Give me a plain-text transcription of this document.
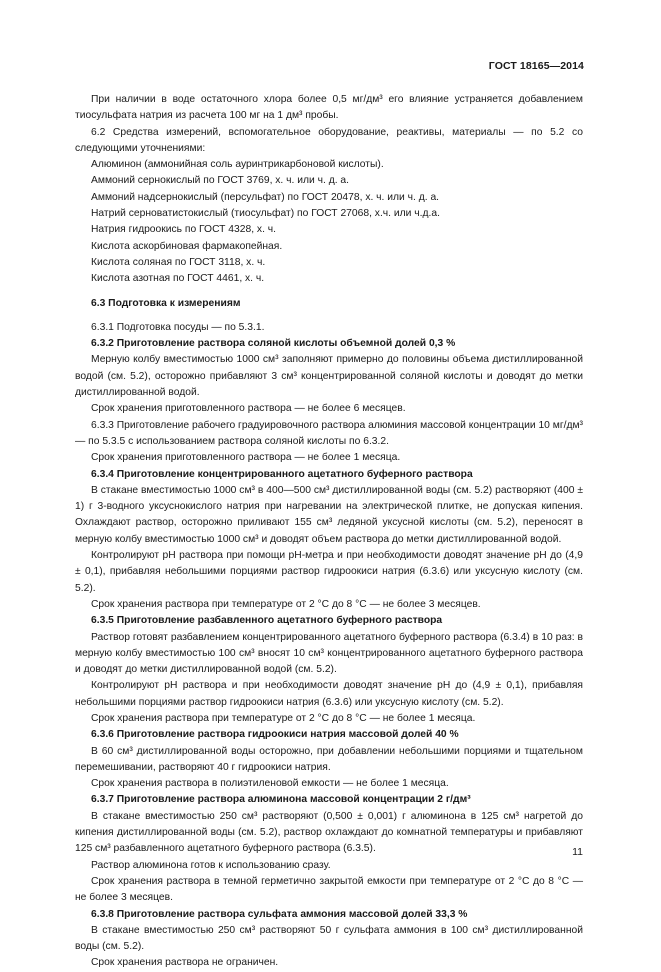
ГОСТ 18165—2014

При наличии в воде остаточного хлора более 0,5 мг/дм³ его влияние устраняется добавлением тиосульфата натрия из расчета 100 мг на 1 дм³ пробы.

6.2 Средства измерений, вспомогательное оборудование, реактивы, материалы — по 5.2 со следующими уточнениями:

Алюминон (аммонийная соль ауринтрикарбоновой кислоты).

Аммоний сернокислый по ГОСТ 3769, х. ч. или ч. д. а.

Аммоний надсернокислый (персульфат) по ГОСТ 20478, х. ч. или ч. д. а.

Натрий серноватистокислый (тиосульфат) по ГОСТ 27068, х.ч. или ч.д.а.

Натрия гидроокись по ГОСТ 4328, х. ч.

Кислота аскорбиновая фармакопейная.

Кислота соляная по ГОСТ 3118, х. ч.

Кислота азотная по ГОСТ 4461, х. ч.

6.3 Подготовка к измерениям

6.3.1 Подготовка посуды — по 5.3.1.

6.3.2 Приготовление раствора соляной кислоты объемной долей 0,3 %

Мерную колбу вместимостью 1000 см³ заполняют примерно до половины объема дистиллированной водой (см. 5.2), осторожно прибавляют 3 см³ концентрированной соляной кислоты и доводят до метки дистиллированной водой.

Срок хранения приготовленного раствора — не более 6 месяцев.

6.3.3 Приготовление рабочего градуировочного раствора алюминия массовой концентрации 10 мг/дм³ — по 5.3.5 с использованием раствора соляной кислоты по 6.3.2.

Срок хранения приготовленного раствора — не более 1 месяца.

6.3.4 Приготовление концентрированного ацетатного буферного раствора

В стакане вместимостью 1000 см³ в 400—500 см³ дистиллированной воды (см. 5.2) растворяют (400 ± 1) г 3-водного уксуснокислого натрия при нагревании на электрической плитке, не допуская кипения. Охлаждают раствор, осторожно приливают 155 см³ ледяной уксусной кислоты (см. 5.2), переносят в мерную колбу вместимостью 1000 см³ и доводят объем раствора до метки дистиллированной водой.

Контролируют pH раствора при помощи pH-метра и при необходимости доводят значение pH до (4,9 ± 0,1), прибавляя небольшими порциями раствор гидроокиси натрия (6.3.6) или уксусную кислоту (см. 5.2).

Срок хранения раствора при температуре от 2 °С до 8 °С — не более 3 месяцев.

6.3.5 Приготовление разбавленного ацетатного буферного раствора

Раствор готовят разбавлением концентрированного ацетатного буферного раствора (6.3.4) в 10 раз: в мерную колбу вместимостью 100 см³ вносят 10 см³ концентрированного ацетатного буферного раствора и доводят до метки дистиллированной водой (см. 5.2).

Контролируют pH раствора и при необходимости доводят значение pH до (4,9 ± 0,1), прибавляя небольшими порциями раствор гидроокиси натрия (6.3.6) или уксусную кислоту (см. 5.2).

Срок хранения раствора при температуре от 2 °С до 8 °С — не более 1 месяца.

6.3.6 Приготовление раствора гидроокиси натрия массовой долей 40 %

В 60 см³ дистиллированной воды осторожно, при добавлении небольшими порциями и тщательном перемешивании, растворяют 40 г гидроокиси натрия.

Срок хранения раствора в полиэтиленовой емкости — не более 1 месяца.

6.3.7 Приготовление раствора алюминона массовой концентрации 2 г/дм³

В стакане вместимостью 250 см³ растворяют (0,500 ± 0,001) г алюминона в 125 см³ нагретой до кипения дистиллированной воды (см. 5.2), раствор охлаждают до комнатной температуры и прибавляют 125 см³ разбавленного ацетатного буферного раствора (6.3.5).

Раствор алюминона готов к использованию сразу.

Срок хранения раствора в темной герметично закрытой емкости при температуре от 2 °С до 8 °С — не более 3 месяцев.

6.3.8 Приготовление раствора сульфата аммония массовой долей 33,3 %

В стакане вместимостью 250 см³ растворяют 50 г сульфата аммония в 100 см³ дистиллированной воды (см. 5.2).

Срок хранения раствора не ограничен.

11
